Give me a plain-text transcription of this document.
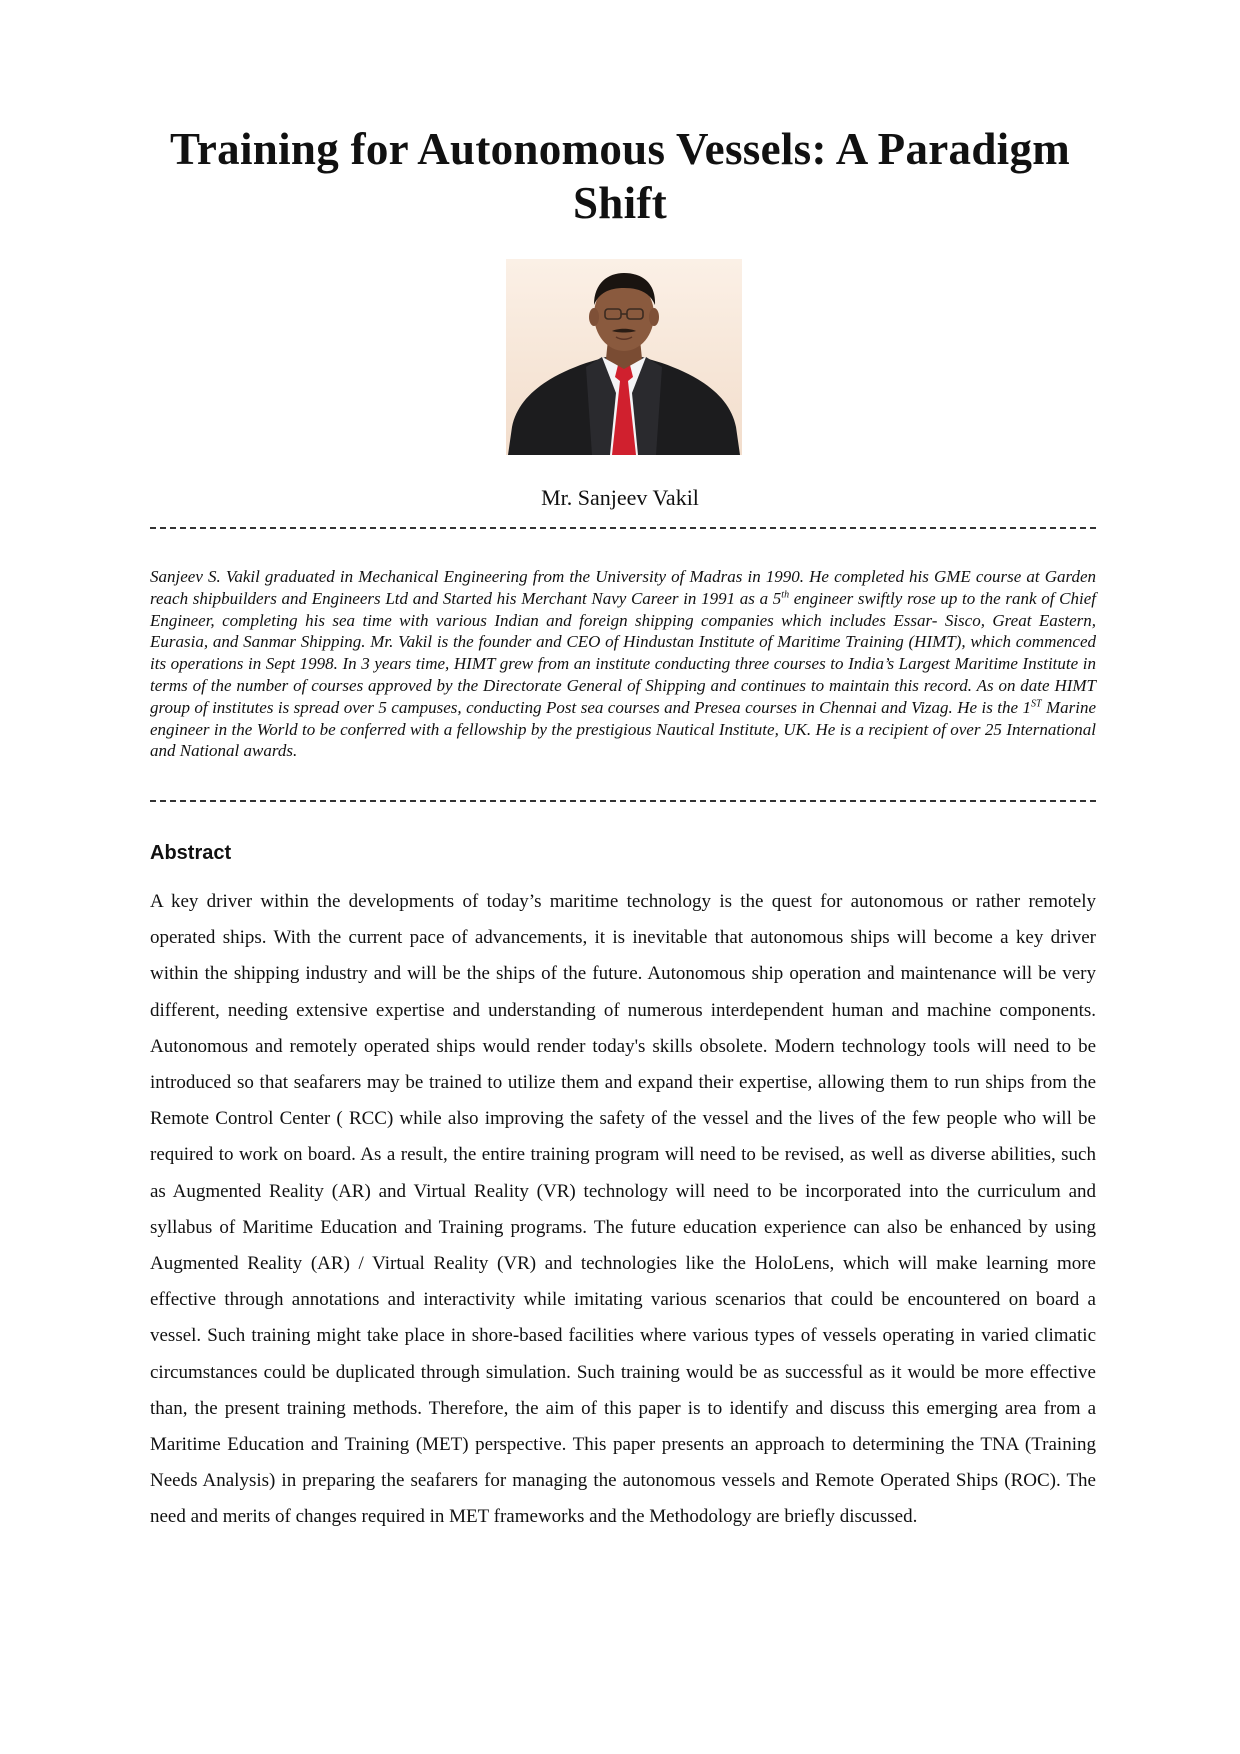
Training for Autonomous Vessels: A Paradigm Shift
Mr. Sanjeev Vakil

Sanjeev S. Vakil graduated in Mechanical Engineering from the University of Madras in 1990. He completed his GME course at Garden reach shipbuilders and Engineers Ltd and Started his Merchant Navy Career in 1991 as a 5th engineer swiftly rose up to the rank of Chief Engineer, completing his sea time with various Indian and foreign shipping companies which includes Essar- Sisco, Great Eastern, Eurasia, and Sanmar Shipping. Mr. Vakil is the founder and CEO of Hindustan Institute of Maritime Training (HIMT), which commenced its operations in Sept 1998. In 3 years time, HIMT grew from an institute conducting three courses to India’s Largest Maritime Institute in terms of the number of courses approved by the Directorate General of Shipping and continues to maintain this record. As on date HIMT group of institutes is spread over 5 campuses, conducting Post sea courses and Presea courses in Chennai and Vizag. He is the 1ST Marine engineer in the World to be conferred with a fellowship by the prestigious Nautical Institute, UK. He is a recipient of over 25 International and National awards.

Abstract

A key driver within the developments of today’s maritime technology is the quest for autonomous or rather remotely operated ships. With the current pace of advancements, it is inevitable that autonomous ships will become a key driver within the shipping industry and will be the ships of the future. Autonomous ship operation and maintenance will be very different, needing extensive expertise and understanding of numerous interdependent human and machine components. Autonomous and remotely operated ships would render today's skills obsolete. Modern technology tools will need to be introduced so that seafarers may be trained to utilize them and expand their expertise, allowing them to run ships from the Remote Control Center ( RCC) while also improving the safety of the vessel and the lives of the few people who will be required to work on board. As a result, the entire training program will need to be revised, as well as diverse abilities, such as Augmented Reality (AR) and Virtual Reality (VR) technology will need to be incorporated into the curriculum and syllabus of Maritime Education and Training programs. The future education experience can also be enhanced by using Augmented Reality (AR) / Virtual Reality (VR) and technologies like the HoloLens, which will make learning more effective through annotations and interactivity while imitating various scenarios that could be encountered on board a vessel. Such training might take place in shore-based facilities where various types of vessels operating in varied climatic circumstances could be duplicated through simulation. Such training would be as successful as it would be more effective than, the present training methods. Therefore, the aim of this paper is to identify and discuss this emerging area from a Maritime Education and Training (MET) perspective. This paper presents an approach to determining the TNA (Training Needs Analysis) in preparing the seafarers for managing the autonomous vessels and Remote Operated Ships (ROC). The need and merits of changes required in MET frameworks and the Methodology are briefly discussed.
